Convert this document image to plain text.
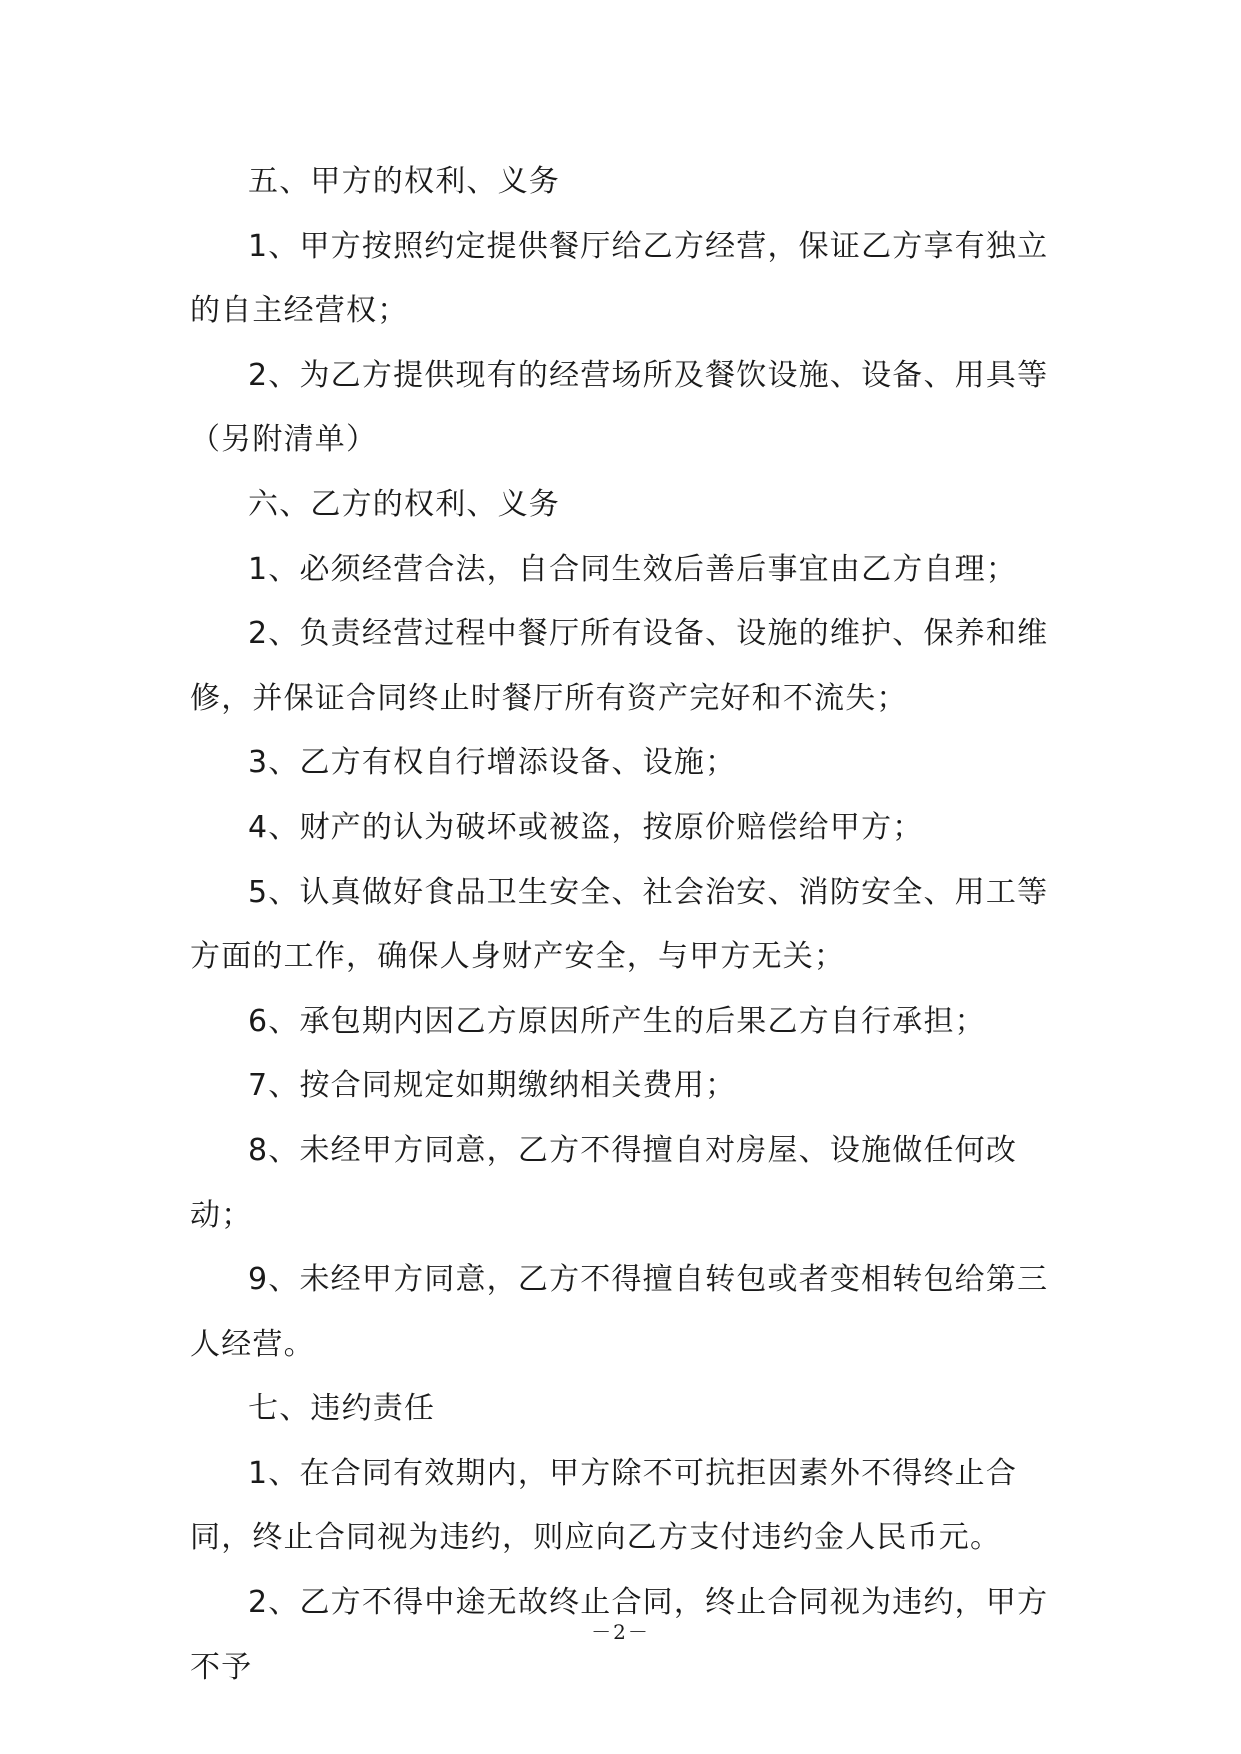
五、甲方的权利、义务

1、甲方按照约定提供餐厅给乙方经营，保证乙方享有独立的自主经营权；

2、为乙方提供现有的经营场所及餐饮设施、设备、用具等（另附清单）

六、乙方的权利、义务

1、必须经营合法，自合同生效后善后事宜由乙方自理；

2、负责经营过程中餐厅所有设备、设施的维护、保养和维修，并保证合同终止时餐厅所有资产完好和不流失；

3、乙方有权自行增添设备、设施；

4、财产的认为破坏或被盗，按原价赔偿给甲方；

5、认真做好食品卫生安全、社会治安、消防安全、用工等方面的工作，确保人身财产安全，与甲方无关；

6、承包期内因乙方原因所产生的后果乙方自行承担；

7、按合同规定如期缴纳相关费用；

8、未经甲方同意，乙方不得擅自对房屋、设施做任何改动；

9、未经甲方同意，乙方不得擅自转包或者变相转包给第三人经营。

七、违约责任

1、在合同有效期内，甲方除不可抗拒因素外不得终止合同，终止合同视为违约，则应向乙方支付违约金人民币元。

2、乙方不得中途无故终止合同，终止合同视为违约，甲方不予

－2－
